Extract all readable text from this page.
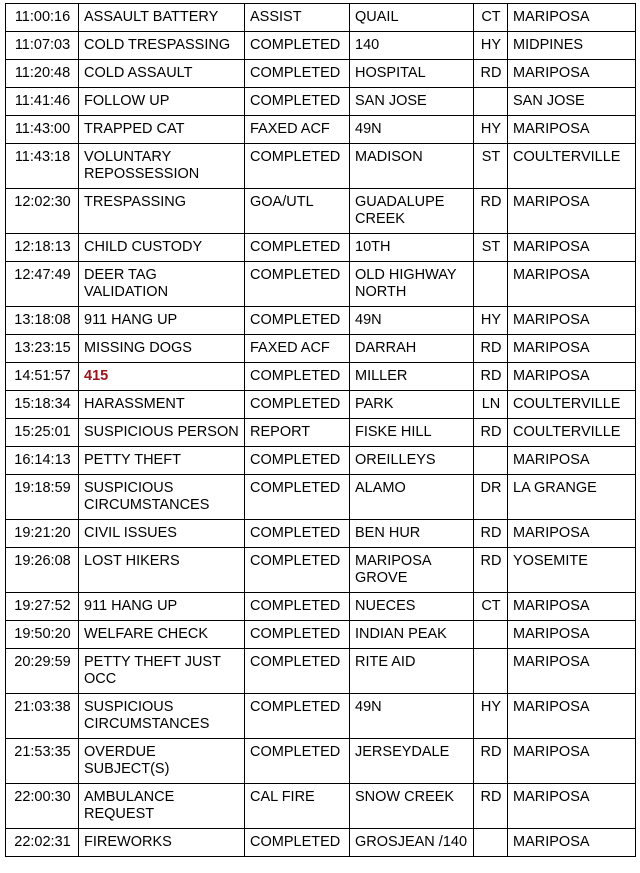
11:00:16	ASSAULT BATTERY	ASSIST	QUAIL	CT	MARIPOSA
11:07:03	COLD TRESPASSING	COMPLETED	140	HY	MIDPINES
11:20:48	COLD ASSAULT	COMPLETED	HOSPITAL	RD	MARIPOSA
11:41:46	FOLLOW UP	COMPLETED	SAN JOSE		SAN JOSE
11:43:00	TRAPPED CAT	FAXED ACF	49N	HY	MARIPOSA
11:43:18	VOLUNTARY REPOSSESSION	COMPLETED	MADISON	ST	COULTERVILLE
12:02:30	TRESPASSING	GOA/UTL	GUADALUPE CREEK	RD	MARIPOSA
12:18:13	CHILD CUSTODY	COMPLETED	10TH	ST	MARIPOSA
12:47:49	DEER TAG VALIDATION	COMPLETED	OLD HIGHWAY NORTH		MARIPOSA
13:18:08	911 HANG UP	COMPLETED	49N	HY	MARIPOSA
13:23:15	MISSING DOGS	FAXED ACF	DARRAH	RD	MARIPOSA
14:51:57	415	COMPLETED	MILLER	RD	MARIPOSA
15:18:34	HARASSMENT	COMPLETED	PARK	LN	COULTERVILLE
15:25:01	SUSPICIOUS PERSON	REPORT	FISKE HILL	RD	COULTERVILLE
16:14:13	PETTY THEFT	COMPLETED	OREILLEYS		MARIPOSA
19:18:59	SUSPICIOUS CIRCUMSTANCES	COMPLETED	ALAMO	DR	LA GRANGE
19:21:20	CIVIL ISSUES	COMPLETED	BEN HUR	RD	MARIPOSA
19:26:08	LOST HIKERS	COMPLETED	MARIPOSA GROVE	RD	YOSEMITE
19:27:52	911 HANG UP	COMPLETED	NUECES	CT	MARIPOSA
19:50:20	WELFARE CHECK	COMPLETED	INDIAN PEAK		MARIPOSA
20:29:59	PETTY THEFT JUST OCC	COMPLETED	RITE AID		MARIPOSA
21:03:38	SUSPICIOUS CIRCUMSTANCES	COMPLETED	49N	HY	MARIPOSA
21:53:35	OVERDUE SUBJECT(S)	COMPLETED	JERSEYDALE	RD	MARIPOSA
22:00:30	AMBULANCE REQUEST	CAL FIRE	SNOW CREEK	RD	MARIPOSA
22:02:31	FIREWORKS	COMPLETED	GROSJEAN /140		MARIPOSA
